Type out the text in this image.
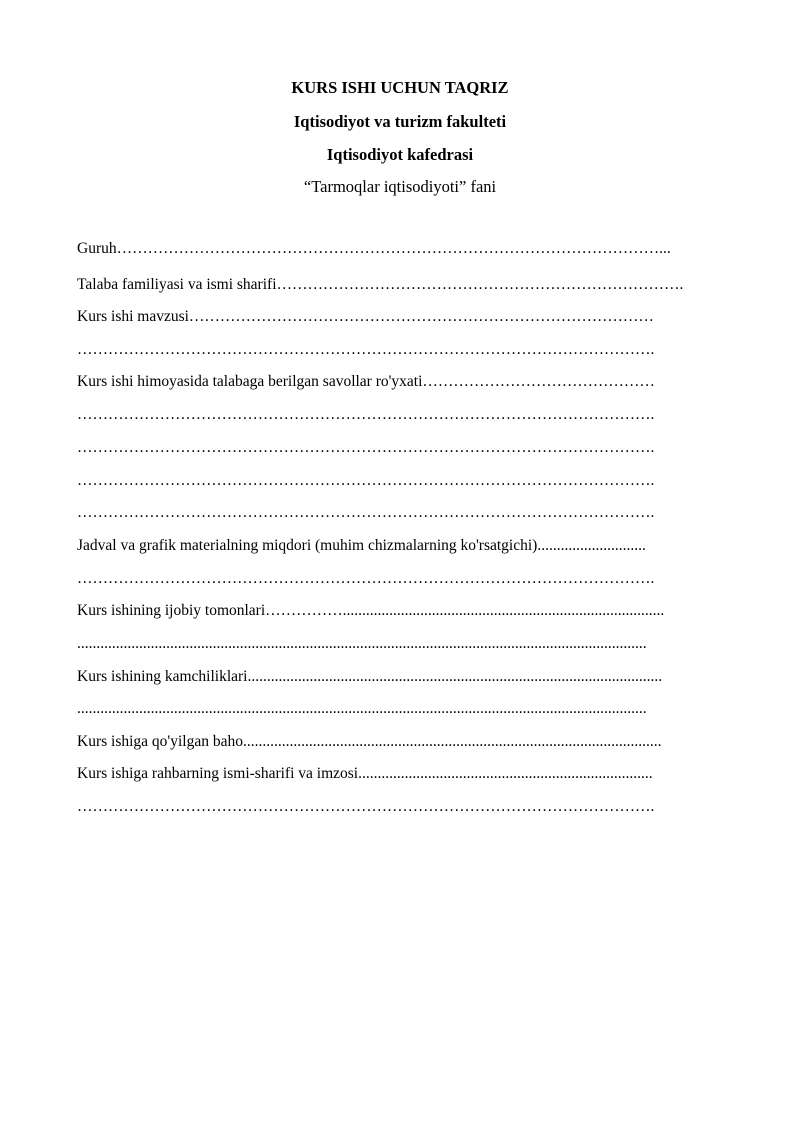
KURS ISHI UCHUN TAQRIZ
Iqtisodiyot va turizm fakulteti
Iqtisodiyot kafedrasi
“Tarmoqlar iqtisodiyoti” fani
Guruh……………………………………………………………………………………………...
Talaba familiyasi va ismi sharifi…………………………………………………………………….
Kurs ishi mavzusi………………………………………………………………………………
………………………………………………………………………………………………….
Kurs ishi himoyasida talabaga berilgan savollar ro'yxati………………………………………
………………………………………………………………………………………………….
………………………………………………………………………………………………….
………………………………………………………………………………………………….
………………………………………………………………………………………………….
Jadval va grafik materialning miqdori (muhim chizmalarning ko'rsatgichi)............................
………………………………………………………………………………………………….
Kurs ishining ijobiy tomonlari……………...................................................................................
...................................................................................................................................................
Kurs ishining kamchiliklari...........................................................................................................
...................................................................................................................................................
Kurs ishiga qo'yilgan baho............................................................................................................
Kurs ishiga rahbarning ismi-sharifi va imzosi............................................................................
………………………………………………………………………………………………….
